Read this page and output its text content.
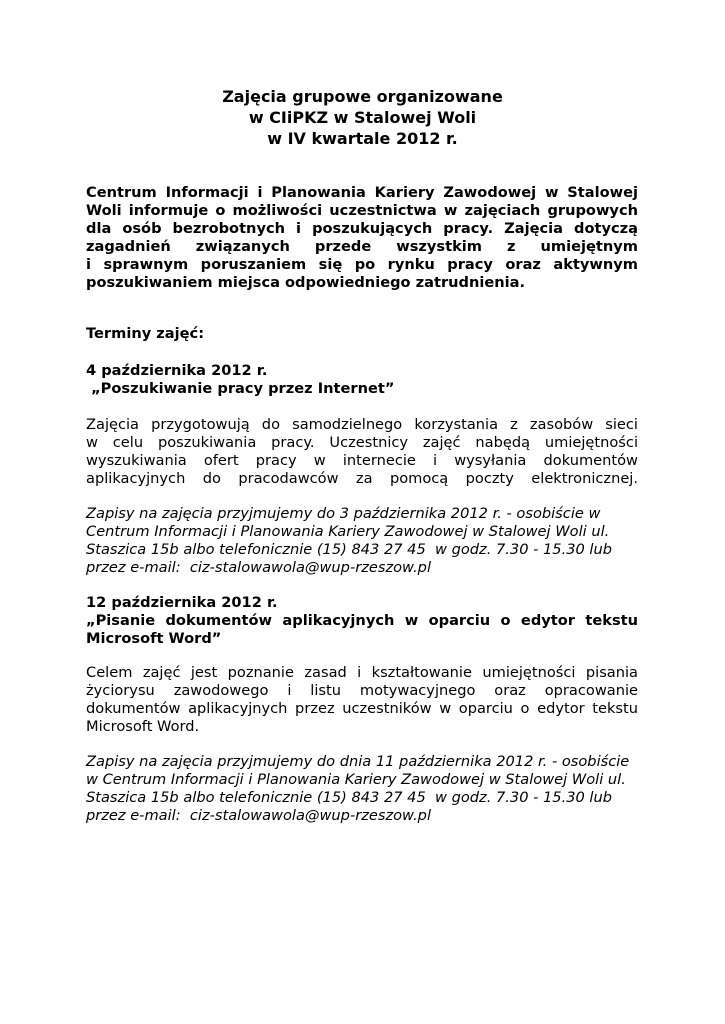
Zajęcia grupowe organizowane
w CIiPKZ w Stalowej Woli
w IV kwartale 2012 r.
Centrum Informacji i Planowania Kariery Zawodowej w Stalowej
Woli informuje o możliwości uczestnictwa w zajęciach grupowych
dla osób bezrobotnych i poszukujących pracy. Zajęcia dotyczą
zagadnień związanych przede wszystkim z umiejętnym
i sprawnym poruszaniem się po rynku pracy oraz aktywnym
poszukiwaniem miejsca odpowiedniego zatrudnienia.
Terminy zajęć:
4 października 2012 r.
„Poszukiwanie pracy przez Internet”
Zajęcia przygotowują do samodzielnego korzystania z zasobów sieci
w celu poszukiwania pracy. Uczestnicy zajęć nabędą umiejętności
wyszukiwania ofert pracy w internecie i wysyłania dokumentów
aplikacyjnych do pracodawców za pomocą poczty elektronicznej.
Zapisy na zajęcia przyjmujemy do 3 października 2012 r. - osobiście w
Centrum Informacji i Planowania Kariery Zawodowej w Stalowej Woli ul.
Staszica 15b albo telefonicznie (15) 843 27 45  w godz. 7.30 - 15.30 lub
przez e-mail:  ciz-stalowawola@wup-rzeszow.pl
12 października 2012 r.
„Pisanie dokumentów aplikacyjnych w oparciu o edytor tekstu
Microsoft Word”
Celem zajęć jest poznanie zasad i kształtowanie umiejętności pisania
życiorysu zawodowego i listu motywacyjnego oraz opracowanie
dokumentów aplikacyjnych przez uczestników w oparciu o edytor tekstu
Microsoft Word.
Zapisy na zajęcia przyjmujemy do dnia 11 października 2012 r. - osobiście
w Centrum Informacji i Planowania Kariery Zawodowej w Stalowej Woli ul.
Staszica 15b albo telefonicznie (15) 843 27 45  w godz. 7.30 - 15.30 lub
przez e-mail:  ciz-stalowawola@wup-rzeszow.pl
